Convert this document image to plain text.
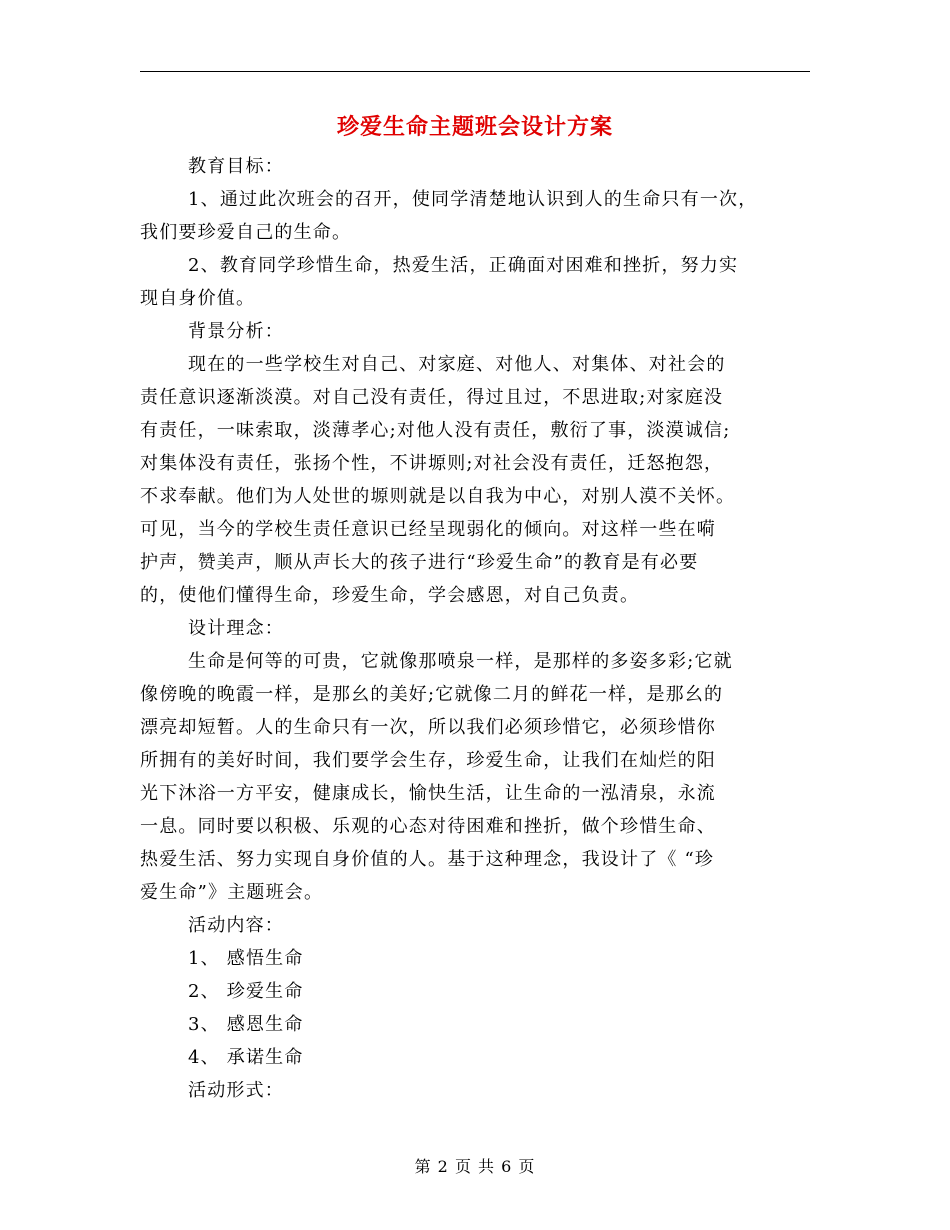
珍爱生命主题班会设计方案
教育目标：
1、通过此次班会的召开，使同学清楚地认识到人的生命只有一次，
我们要珍爱自己的生命。
2、教育同学珍惜生命，热爱生活，正确面对困难和挫折，努力实
现自身价值。
背景分析：
现在的一些学校生对自己、对家庭、对他人、对集体、对社会的
责任意识逐渐淡漠。对自己没有责任，得过且过，不思进取;对家庭没
有责任，一味索取，淡薄孝心;对他人没有责任，敷衍了事，淡漠诚信;
对集体没有责任，张扬个性，不讲塬则;对社会没有责任，迁怒抱怨，
不求奉献。他们为人处世的塬则就是以自我为中心，对别人漠不关怀。
可见，当今的学校生责任意识已经呈现弱化的倾向。对这样一些在嗬
护声，赞美声，顺从声长大的孩子进行“珍爱生命”的教育是有必要
的，使他们懂得生命，珍爱生命，学会感恩，对自己负责。
设计理念：
生命是何等的可贵，它就像那喷泉一样，是那样的多姿多彩;它就
像傍晚的晚霞一样，是那幺的美好;它就像二月的鲜花一样，是那幺的
漂亮却短暂。人的生命只有一次，所以我们必须珍惜它，必须珍惜你
所拥有的美好时间，我们要学会生存，珍爱生命，让我们在灿烂的阳
光下沐浴一方平安，健康成长，愉快生活，让生命的一泓清泉，永流
一息。同时要以积极、乐观的心态对待困难和挫折，做个珍惜生命、
热爱生活、努力实现自身价值的人。基于这种理念，我设计了《 “珍
爱生命”》主题班会。
活动内容：
1、 感悟生命
2、 珍爱生命
3、 感恩生命
4、 承诺生命
活动形式：
第 2 页 共 6 页
